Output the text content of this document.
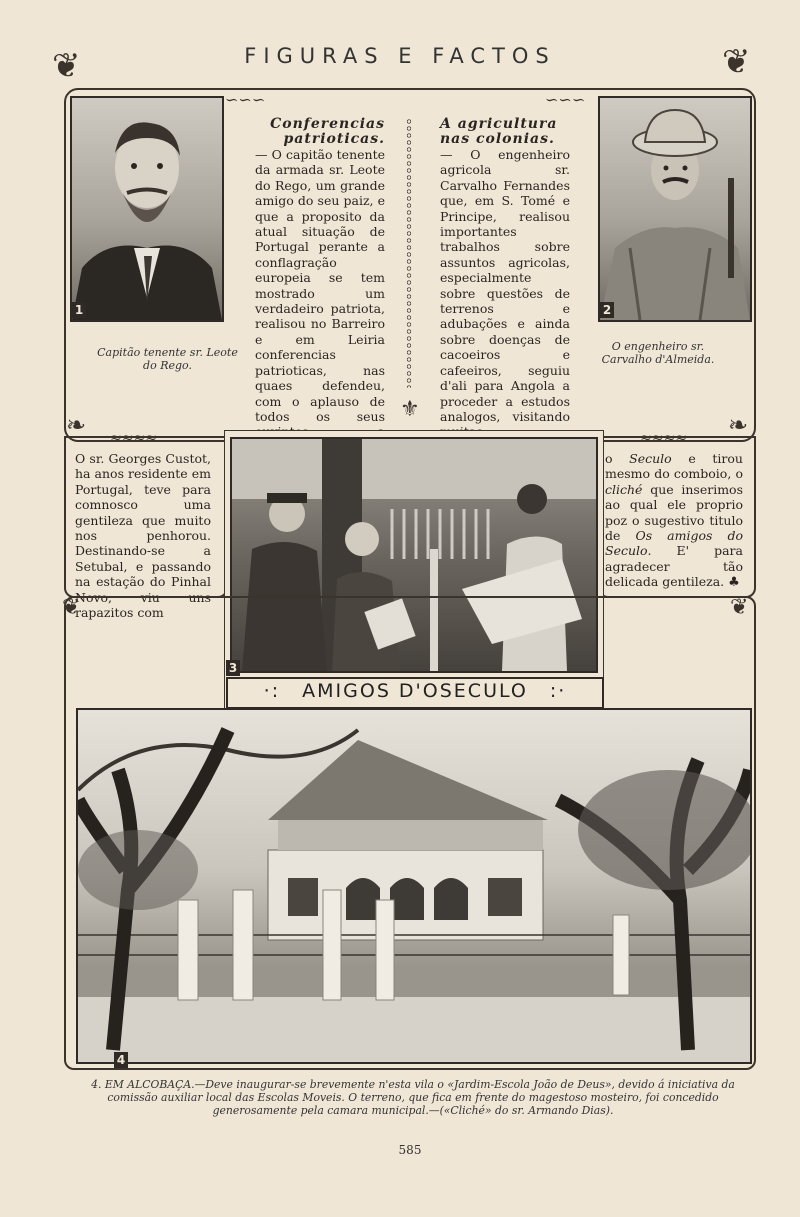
FIGURAS E FACTOS
❦	❦
❧	❧
⚜
∽∽∽	∽∽∽
1
Capitão tenente sr. Leote do Rego.
2
O engenheiro sr. Carvalho d'Almeida.

Conferencias patrioticas.

— O capitão tenente da armada sr. Leote do Rego, um grande amigo do seu paiz, e que a proposito da atual situação de Portugal perante a conflagração europeia se tem mostrado um verdadeiro patriota, realisou no Barreiro e em Leiria conferencias patrioticas, nas quaes defendeu, com o aplauso de todos os seus

A agricultura nas colonias.

— O engenheiro agricola sr. Carvalho Fernandes que, em S. Tomé e Principe, realisou importantes trabalhos sobre assuntos agricolas, especialmente sobre questões de terrenos e adubações e ainda sobre doenças de cacoeiros e cafeeiros, seguiu d'ali para Angola a proceder a estudos analogos, visitando

≈≈≈≈	≈≈≈≈
O sr. Georges Custot, ha anos residente em Portugal, teve para comnosco uma gentileza que muito nos penhorou. Destinando-se a Setubal, e passando na estação do Pinhal Novo, viu uns rapazitos com
o Seculo e tirou mesmo do comboio, o cliché que inserimos ao qual ele proprio poz o sugestivo titulo de Os amigos do Seculo. E' para agradecer tão delicada gentileza. ♣
3
·: AMIGOS D'OSECULO :·
❦	❦
4
4. EM ALCOBAÇA.—Deve inaugurar-se brevemente n'esta vila o «Jardim-Escola João de Deus», devido á iniciativa da comissão auxiliar local das Escolas Moveis. O terreno, que fica em frente do magestoso mosteiro, foi concedido generosamente pela camara municipal.—(«Cliché» do sr. Armando Dias).
585
